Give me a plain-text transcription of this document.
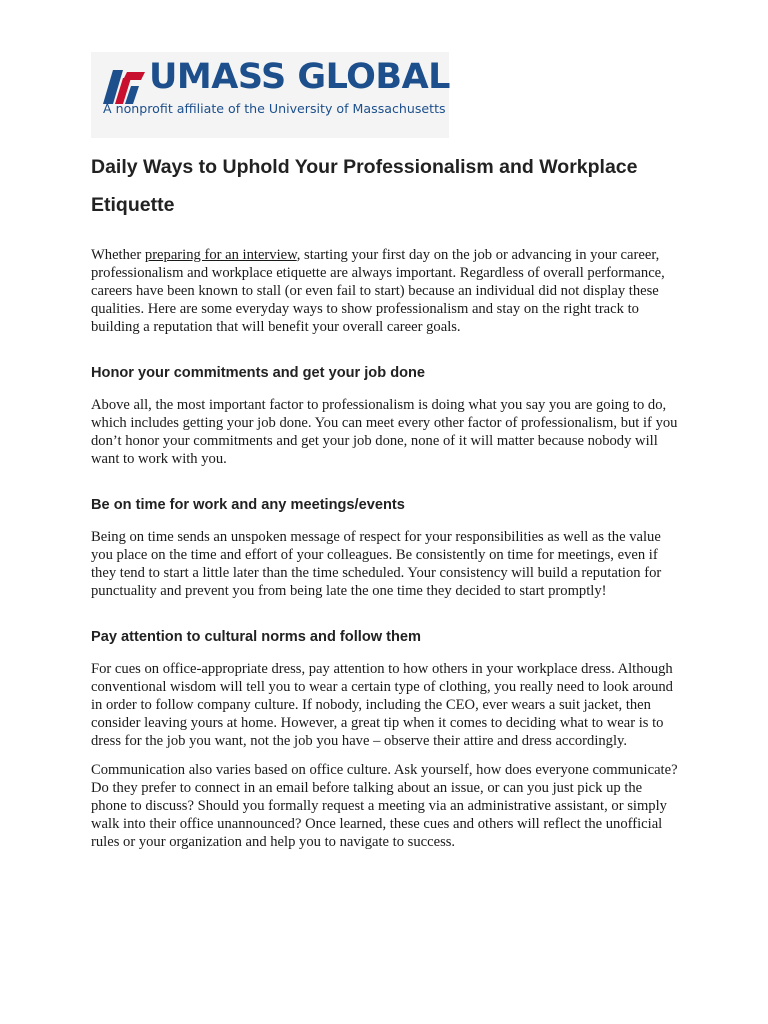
UMASS GLOBAL
A nonprofit affiliate of the University of Massachusetts
Daily Ways to Uphold Your Professionalism and Workplace Etiquette

Whether preparing for an interview, starting your first day on the job or advancing in your career, professionalism and workplace etiquette are always important. Regardless of overall performance, careers have been known to stall (or even fail to start) because an individual did not display these qualities. Here are some everyday ways to show professionalism and stay on the right track to building a reputation that will benefit your overall career goals.

Honor your commitments and get your job done

Above all, the most important factor to professionalism is doing what you say you are going to do, which includes getting your job done. You can meet every other factor of professionalism, but if you don’t honor your commitments and get your job done, none of it will matter because nobody will want to work with you.

Be on time for work and any meetings/events

Being on time sends an unspoken message of respect for your responsibilities as well as the value you place on the time and effort of your colleagues. Be consistently on time for meetings, even if they tend to start a little later than the time scheduled. Your consistency will build a reputation for punctuality and prevent you from being late the one time they decided to start promptly!

Pay attention to cultural norms and follow them

For cues on office-appropriate dress, pay attention to how others in your workplace dress. Although conventional wisdom will tell you to wear a certain type of clothing, you really need to look around in order to follow company culture. If nobody, including the CEO, ever wears a suit jacket, then consider leaving yours at home. However, a great tip when it comes to deciding what to wear is to dress for the job you want, not the job you have – observe their attire and dress accordingly.

Communication also varies based on office culture. Ask yourself, how does everyone communicate? Do they prefer to connect in an email before talking about an issue, or can you just pick up the phone to discuss? Should you formally request a meeting via an administrative assistant, or simply walk into their office unannounced? Once learned, these cues and others will reflect the unofficial rules or your organization and help you to navigate to success.
